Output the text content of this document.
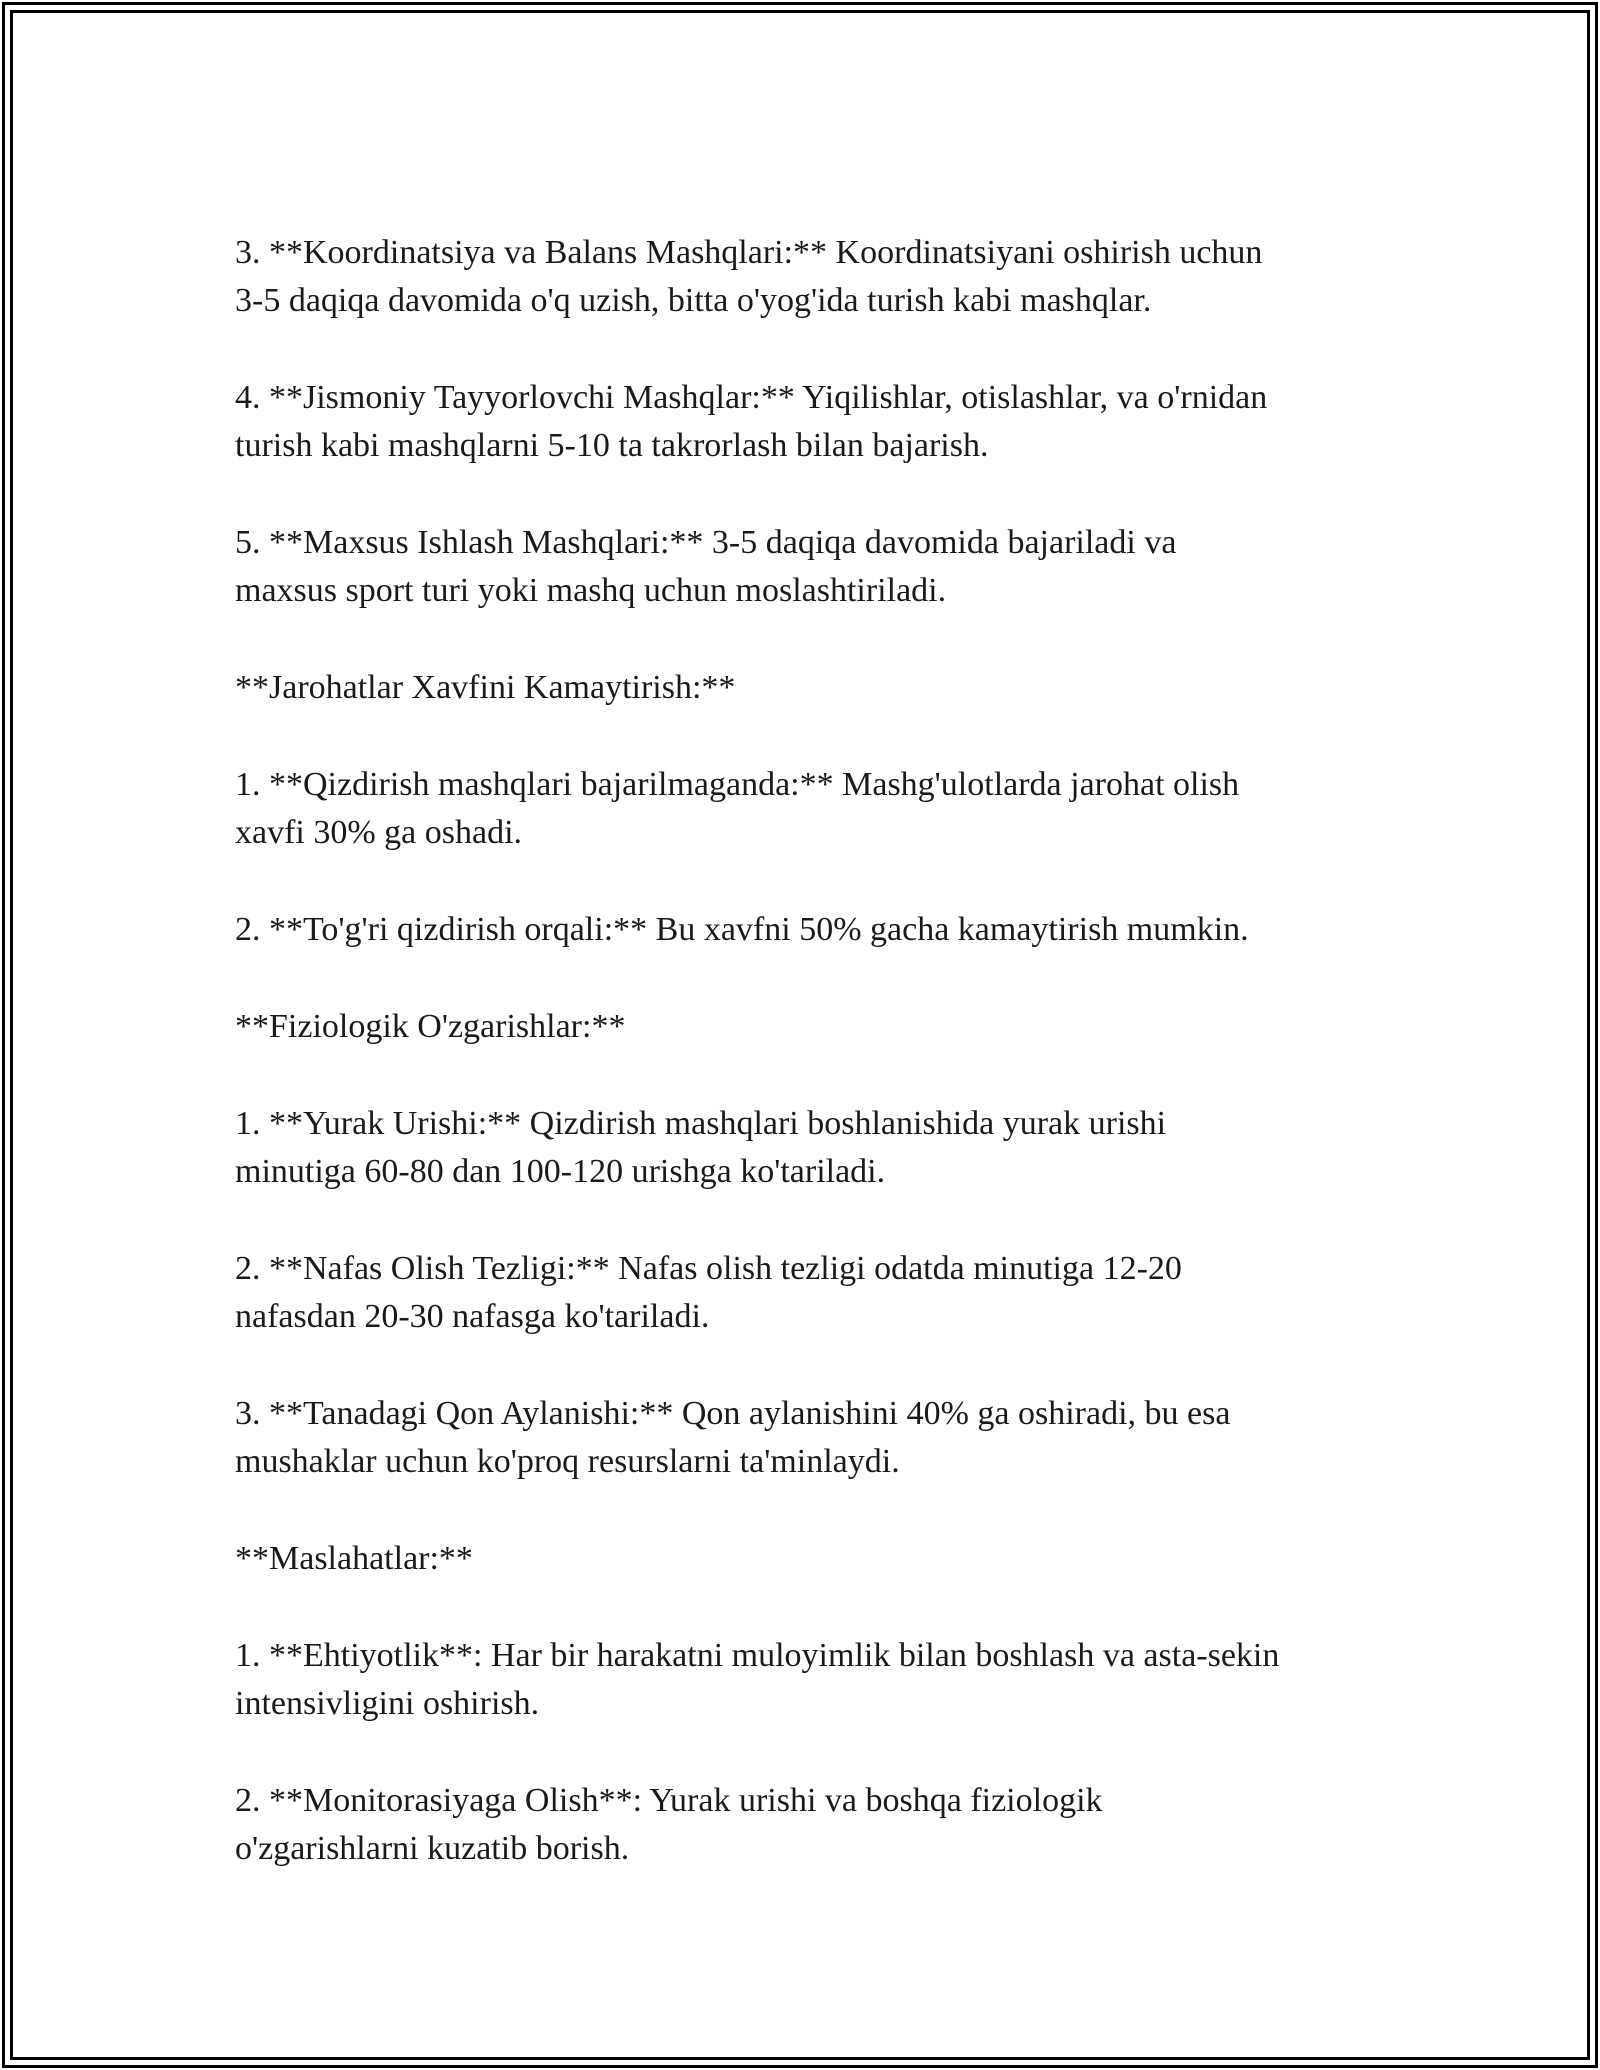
3. **Koordinatsiya va Balans Mashqlari:** Koordinatsiyani oshirish uchun
3-5 daqiqa davomida o'q uzish, bitta o'yog'ida turish kabi mashqlar.

4. **Jismoniy Tayyorlovchi Mashqlar:** Yiqilishlar, otislashlar, va o'rnidan
turish kabi mashqlarni 5-10 ta takrorlash bilan bajarish.

5. **Maxsus Ishlash Mashqlari:** 3-5 daqiqa davomida bajariladi va
maxsus sport turi yoki mashq uchun moslashtiriladi.

**Jarohatlar Xavfini Kamaytirish:**

1. **Qizdirish mashqlari bajarilmaganda:** Mashg'ulotlarda jarohat olish
xavfi 30% ga oshadi.

2. **To'g'ri qizdirish orqali:** Bu xavfni 50% gacha kamaytirish mumkin.

**Fiziologik O'zgarishlar:**

1. **Yurak Urishi:** Qizdirish mashqlari boshlanishida yurak urishi
minutiga 60-80 dan 100-120 urishga ko'tariladi.

2. **Nafas Olish Tezligi:** Nafas olish tezligi odatda minutiga 12-20
nafasdan 20-30 nafasga ko'tariladi.

3. **Tanadagi Qon Aylanishi:** Qon aylanishini 40% ga oshiradi, bu esa
mushaklar uchun ko'proq resurslarni ta'minlaydi.

**Maslahatlar:**

1. **Ehtiyotlik**: Har bir harakatni muloyimlik bilan boshlash va asta-sekin
intensivligini oshirish.

2. **Monitorasiyaga Olish**: Yurak urishi va boshqa fiziologik
o'zgarishlarni kuzatib borish.
